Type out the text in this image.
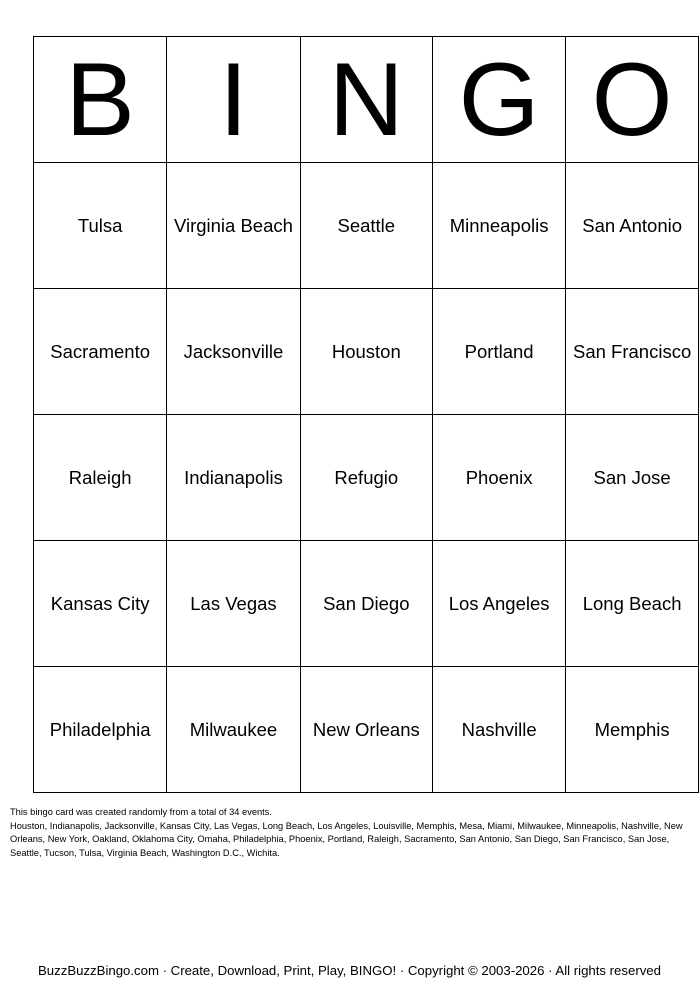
B	I	N	G	O
Tulsa	Virginia Beach	Seattle	Minneapolis	San Antonio
Sacramento	Jacksonville	Houston	Portland	San Francisco
Raleigh	Indianapolis	Refugio	Phoenix	San Jose
Kansas City	Las Vegas	San Diego	Los Angeles	Long Beach
Philadelphia	Milwaukee	New Orleans	Nashville	Memphis

This bingo card was created randomly from a total of 34 events.

Houston, Indianapolis, Jacksonville, Kansas City, Las Vegas, Long Beach, Los Angeles, Louisville, Memphis, Mesa, Miami, Milwaukee, Minneapolis, Nashville, New Orleans, New York, Oakland, Oklahoma City, Omaha, Philadelphia, Phoenix, Portland, Raleigh, Sacramento, San Antonio, San Diego, San Francisco, San Jose, Seattle, Tucson, Tulsa, Virginia Beach, Washington D.C., Wichita.

BuzzBuzzBingo.com · Create, Download, Print, Play, BINGO! · Copyright © 2003-2026 · All rights reserved
